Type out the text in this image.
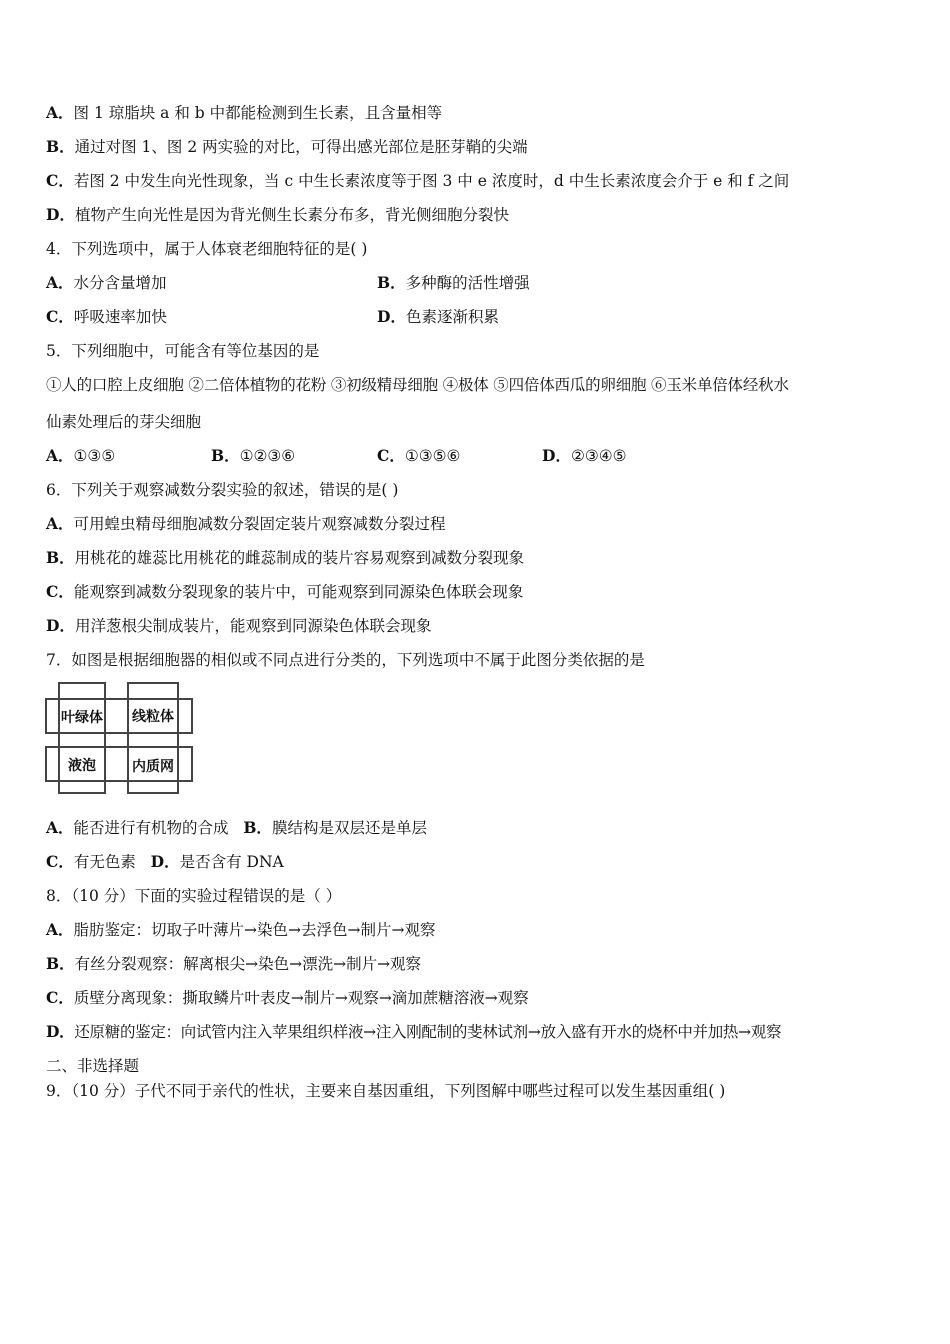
A．图 1 琼脂块 a 和 b 中都能检测到生长素，且含量相等
B．通过对图 1、图 2 两实验的对比，可得出感光部位是胚芽鞘的尖端
C．若图 2 中发生向光性现象，当 c 中生长素浓度等于图 3 中 e 浓度时，d 中生长素浓度会介于 e 和 f 之间
D．植物产生向光性是因为背光侧生长素分布多，背光侧细胞分裂快
4．下列选项中，属于人体衰老细胞特征的是( )
A．水分含量增加	B．多种酶的活性增强
C．呼吸速率加快	D．色素逐渐积累
5．下列细胞中，可能含有等位基因的是
①人的口腔上皮细胞 ②二倍体植物的花粉 ③初级精母细胞 ④极体 ⑤四倍体西瓜的卵细胞 ⑥玉米单倍体经秋水
仙素处理后的芽尖细胞
A．①③⑤	B．①②③⑥	C．①③⑤⑥	D．②③④⑤
6．下列关于观察减数分裂实验的叙述，错误的是( )
A．可用蝗虫精母细胞减数分裂固定装片观察减数分裂过程
B．用桃花的雄蕊比用桃花的雌蕊制成的装片容易观察到减数分裂现象
C．能观察到减数分裂现象的装片中，可能观察到同源染色体联会现象
D．用洋葱根尖制成装片，能观察到同源染色体联会现象
7．如图是根据细胞器的相似或不同点进行分类的，下列选项中不属于此图分类依据的是
叶绿体 线粒体
液泡	内质网
A．能否进行有机物的合成 B．膜结构是双层还是单层
C．有无色素 D．是否含有 DNA
8．（10 分）下面的实验过程错误的是（ ）
A．脂肪鉴定：切取子叶薄片→染色→去浮色→制片→观察
B．有丝分裂观察：解离根尖→染色→漂洗→制片→观察
C．质壁分离现象：撕取鳞片叶表皮→制片→观察→滴加蔗糖溶液→观察
D．还原糖的鉴定：向试管内注入苹果组织样液→注入刚配制的斐林试剂→放入盛有开水的烧杯中并加热→观察
二、非选择题
9．（10 分）子代不同于亲代的性状，主要来自基因重组，下列图解中哪些过程可以发生基因重组( )
